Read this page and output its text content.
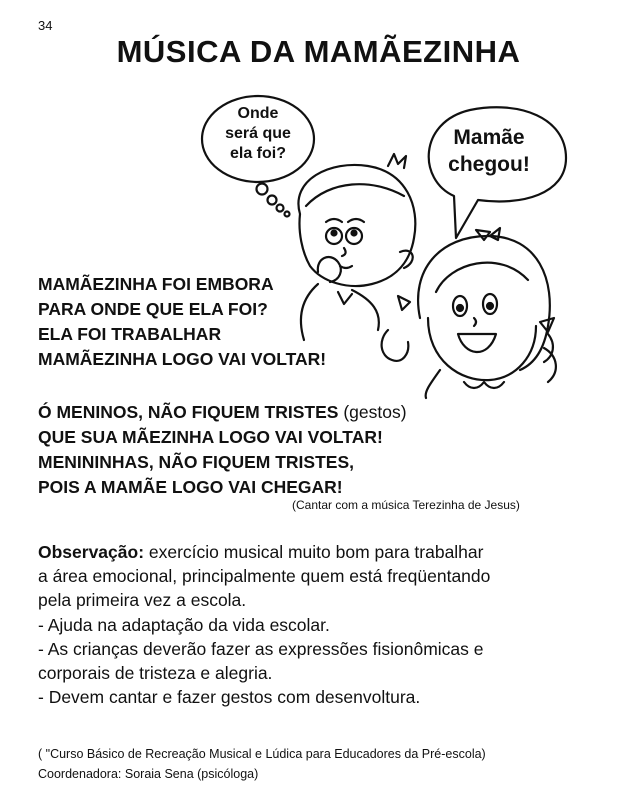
34
MÚSICA DA MAMÃEZINHA
Onde
será que
ela foi?
Mamãe
chegou!
MAMÃEZINHA FOI EMBORA
PARA ONDE QUE ELA FOI?
ELA FOI TRABALHAR
MAMÃEZINHA LOGO VAI VOLTAR!
Ó MENINOS, NÃO FIQUEM TRISTES (gestos)
QUE SUA MÃEZINHA LOGO VAI VOLTAR!
MENININHAS, NÃO FIQUEM TRISTES,
POIS A MAMÃE LOGO VAI CHEGAR!
(Cantar com a música Terezinha de Jesus)

Observação: exercício musical muito bom para trabalhar

a área emocional, principalmente quem está freqüentando

pela primeira vez a escola.

- Ajuda na adaptação da vida escolar.

- As crianças deverão fazer as expressões fisionômicas e

corporais de tristeza e alegria.

- Devem cantar e fazer gestos com desenvoltura.

( "Curso Básico de Recreação Musical e Lúdica para Educadores da Pré-escola)
Coordenadora: Soraia Sena (psicóloga)
